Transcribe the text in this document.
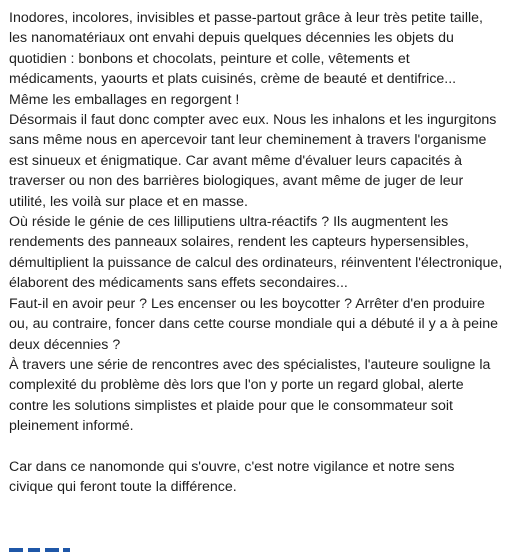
Inodores, incolores, invisibles et passe-partout grâce à leur très petite taille,
les nanomatériaux ont envahi depuis quelques décennies les objets du
quotidien : bonbons et chocolats, peinture et colle, vêtements et
médicaments, yaourts et plats cuisinés, crème de beauté et dentifrice...
Même les emballages en regorgent !
Désormais il faut donc compter avec eux. Nous les inhalons et les ingurgitons
sans même nous en apercevoir tant leur cheminement à travers l'organisme
est sinueux et énigmatique. Car avant même d'évaluer leurs capacités à
traverser ou non des barrières biologiques, avant même de juger de leur
utilité, les voilà sur place et en masse.
Où réside le génie de ces lilliputiens ultra-réactifs ? Ils augmentent les
rendements des panneaux solaires, rendent les capteurs hypersensibles,
démultiplient la puissance de calcul des ordinateurs, réinventent l'électronique,
élaborent des médicaments sans effets secondaires...
Faut-il en avoir peur ? Les encenser ou les boycotter ? Arrêter d'en produire
ou, au contraire, foncer dans cette course mondiale qui a débuté il y a à peine
deux décennies ?
À travers une série de rencontres avec des spécialistes, l'auteure souligne la
complexité du problème dès lors que l'on y porte un regard global, alerte
contre les solutions simplistes et plaide pour que le consommateur soit
pleinement informé.
Car dans ce nanomonde qui s'ouvre, c'est notre vigilance et notre sens
civique qui feront toute la différence.
